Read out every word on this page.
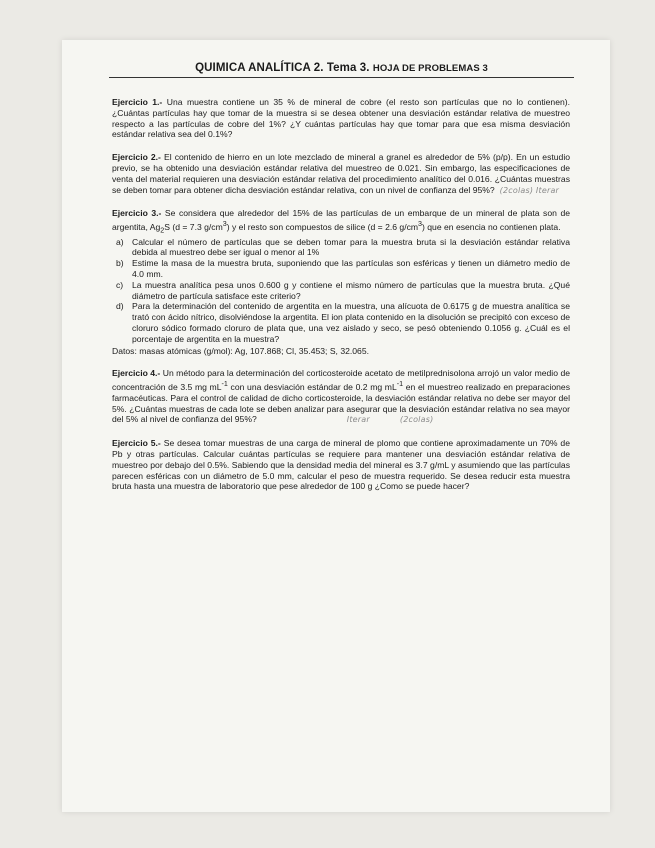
QUIMICA ANALÍTICA 2. Tema 3. HOJA DE PROBLEMAS 3

Ejercicio 1.- Una muestra contiene un 35 % de mineral de cobre (el resto son partículas que no lo contienen). ¿Cuántas partículas hay que tomar de la muestra si se desea obtener una desviación estándar relativa de muestreo respecto a las partículas de cobre del 1%? ¿Y cuántas partículas hay que tomar para que esa misma desviación estándar relativa sea del 0.1%?

Ejercicio 2.- El contenido de hierro en un lote mezclado de mineral a granel es alrededor de 5% (p/p). En un estudio previo, se ha obtenido una desviación estándar relativa del muestreo de 0.021. Sin embargo, las especificaciones de venta del material requieren una desviación estándar relativa del procedimiento analítico del 0.016. ¿Cuántas muestras se deben tomar para obtener dicha desviación estándar relativa, con un nivel de confianza del 95%? (2colas) Iterar

Ejercicio 3.- Se considera que alrededor del 15% de las partículas de un embarque de un mineral de plata son de argentita, $Ag_2S$ (d = 7.3 $g/cm^3$) y el resto son compuestos de silice (d = 2.6 $g/cm^3$) que en esencia no contienen plata.

a) Calcular el número de partículas que se deben tomar para la muestra bruta si la desviación estándar relativa debida al muestreo debe ser igual o menor al 1%
b) Estime la masa de la muestra bruta, suponiendo que las partículas son esféricas y tienen un diámetro medio de 4.0 mm.
c) La muestra analítica pesa unos 0.600 g y contiene el mismo número de partículas que la muestra bruta. ¿Qué diámetro de partícula satisface este criterio?
d) Para la determinación del contenido de argentita en la muestra, una alícuota de 0.6175 g de muestra analítica se trató con ácido nítrico, disolviéndose la argentita. El ion plata contenido en la disolución se precipitó con exceso de cloruro sódico formado cloruro de plata que, una vez aislado y seco, se pesó obteniendo 0.1056 g. ¿Cuál es el porcentaje de argentita en la muestra?

Datos: masas atómicas (g/mol): Ag, 107.868; Cl, 35.453; S, 32.065.

Ejercicio 4.- Un método para la determinación del corticosteroide acetato de metilprednisolona arrojó un valor medio de concentración de 3.5 mg $mL^{-1}$ con una desviación estándar de 0.2 mg $mL^{-1}$ en el muestreo realizado en preparaciones farmacéuticas. Para el control de calidad de dicho corticosteroide, la desviación estándar relativa no debe ser mayor del 5%. ¿Cuántas muestras de cada lote se deben analizar para asegurar que la desviación estándar relativa no sea mayor del 5% al nivel de confianza del 95%?	Iterar	(2colas)

Ejercicio 5.- Se desea tomar muestras de una carga de mineral de plomo que contiene aproximadamente un 70% de Pb y otras partículas. Calcular cuántas partículas se requiere para mantener una desviación estándar relativa de muestreo por debajo del 0.5%. Sabiendo que la densidad media del mineral es 3.7 g/mL y asumiendo que las partículas parecen esféricas con un diámetro de 5.0 mm, calcular el peso de muestra requerido. Se desea reducir esta muestra bruta hasta una muestra de laboratorio que pese alrededor de 100 g ¿Como se puede hacer?
